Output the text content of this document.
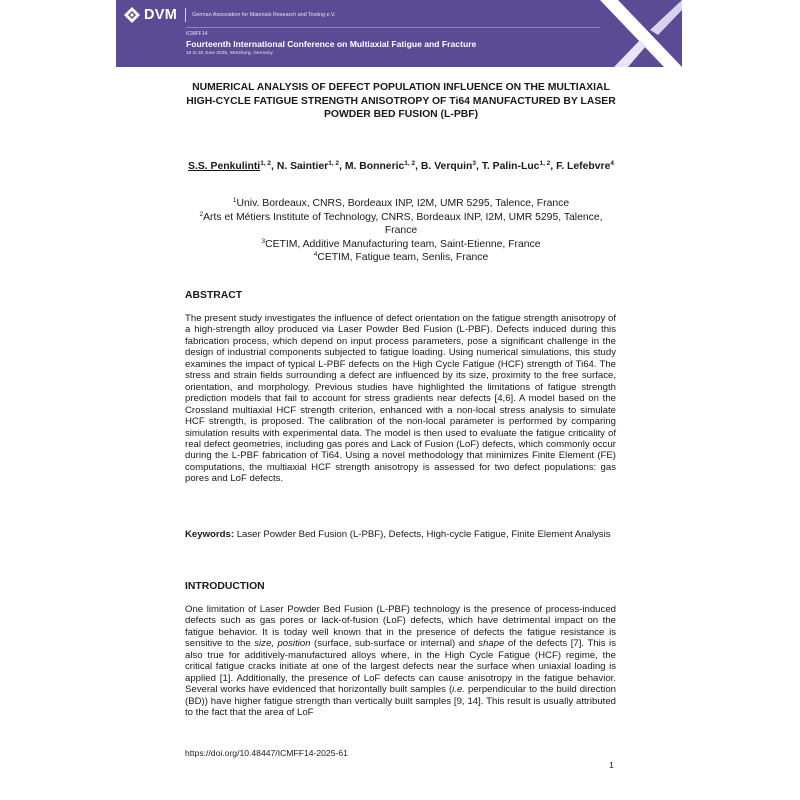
DVM	German Association for Materials Research and Testing e.V.
ICMFF14
Fourteenth International Conference on Multiaxial Fatigue and Fracture
18 to 20 June 2025, Würzburg, Germany
NUMERICAL ANALYSIS OF DEFECT POPULATION INFLUENCE ON THE MULTIAXIAL HIGH-CYCLE FATIGUE STRENGTH ANISOTROPY OF Ti64 MANUFACTURED BY LASER POWDER BED FUSION (L-PBF)
S.S. Penkulinti$^{1, 2}$, N. Saintier$^{1, 2}$, M. Bonneric$^{1, 2}$, B. Verquin$^3$, T. Palin-Luc$^{1, 2}$, F. Lefebvre$^4$
$^1$Univ. Bordeaux, CNRS, Bordeaux INP, I2M, UMR 5295, Talence, France
$^2$Arts et Métiers Institute of Technology, CNRS, Bordeaux INP, I2M, UMR 5295, Talence, France
$^3$CETIM, Additive Manufacturing team, Saint-Etienne, France
$^4$CETIM, Fatigue team, Senlis, France
ABSTRACT
The present study investigates the influence of defect orientation on the fatigue strength anisotropy of a high-strength alloy produced via Laser Powder Bed Fusion (L-PBF). Defects induced during this fabrication process, which depend on input process parameters, pose a significant challenge in the design of industrial components subjected to fatigue loading. Using numerical simulations, this study examines the impact of typical L-PBF defects on the High Cycle Fatigue (HCF) strength of Ti64. The stress and strain fields surrounding a defect are influenced by its size, proximity to the free surface, orientation, and morphology. Previous studies have highlighted the limitations of fatigue strength prediction models that fail to account for stress gradients near defects [4,6]. A model based on the Crossland multiaxial HCF strength criterion, enhanced with a non-local stress analysis to simulate HCF strength, is proposed. The calibration of the non-local parameter is performed by comparing simulation results with experimental data. The model is then used to evaluate the fatigue criticality of real defect geometries, including gas pores and Lack of Fusion (LoF) defects, which commonly occur during the L-PBF fabrication of Ti64. Using a novel methodology that minimizes Finite Element (FE) computations, the multiaxial HCF strength anisotropy is assessed for two defect populations: gas pores and LoF defects.
Keywords: Laser Powder Bed Fusion (L-PBF), Defects, High-cycle Fatigue, Finite Element Analysis
INTRODUCTION
One limitation of Laser Powder Bed Fusion (L-PBF) technology is the presence of process-induced defects such as gas pores or lack-of-fusion (LoF) defects, which have detrimental impact on the fatigue behavior. It is today well known that in the presence of defects the fatigue resistance is sensitive to the size, position (surface, sub-surface or internal) and shape of the defects [7]. This is also true for additively-manufactured alloys where, in the High Cycle Fatigue (HCF) regime, the critical fatigue cracks initiate at one of the largest defects near the surface when uniaxial loading is applied [1]. Additionally, the presence of LoF defects can cause anisotropy in the fatigue behavior. Several works have evidenced that horizontally built samples (i.e. perpendicular to the build direction (BD)) have higher fatigue strength than vertically built samples [9, 14]. This result is usually attributed to the fact that the area of LoF
https://doi.org/10.48447/ICMFF14-2025-61
1
